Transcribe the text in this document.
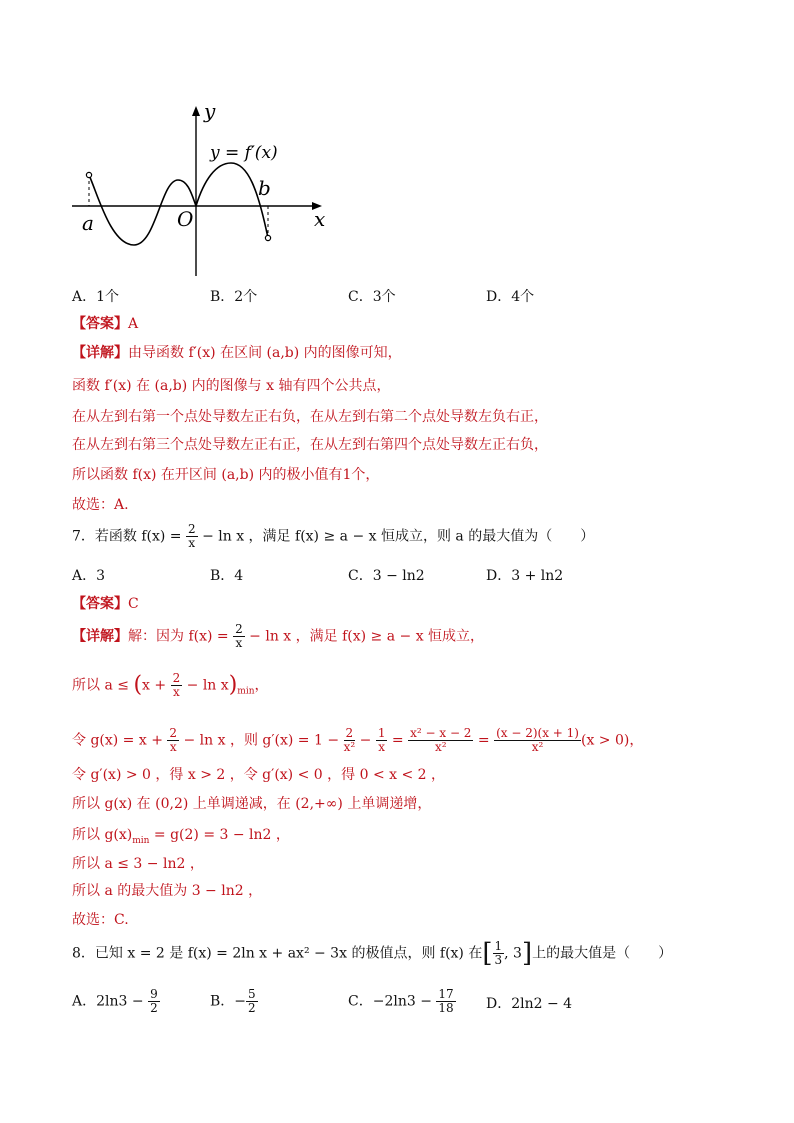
y
x
O
a
b
y = f′(x)
A．1个	B．2个	C．3个	D．4个
【答案】A
【详解】由导函数 f′(x) 在区间 (a,b) 内的图像可知，
函数 f′(x) 在 (a,b) 内的图像与 x 轴有四个公共点，
在从左到右第一个点处导数左正右负，在从左到右第二个点处导数左负右正，
在从左到右第三个点处导数左正右正，在从左到右第四个点处导数左正右负，
所以函数 f(x) 在开区间 (a,b) 内的极小值有1个，
故选：A.
7．若函数 $f(x) = \frac{2}{x} - \ln x$ ，满足 f(x) ≥ a − x 恒成立，则 a 的最大值为（　　）
A．3	B．4	C．3 − ln2	D．3 + ln2
【答案】C
【详解】解：因为 $f(x) = \frac{2}{x} - \ln x$ ，满足 f(x) ≥ a − x 恒成立，
所以 $a \le (x + \frac{2}{x} - \ln x)_{min}$，
令 $g(x) = x + \frac{2}{x} - \ln x$ ，则 $g'(x) = 1 - \frac{2}{\text{x²}} - \frac{1}{x} = \frac{\text{x² − x − 2}}{\text{x²}} = \frac{(x - 2)(x + 1)}{\text{x²}} (x > 0)$，
令 g′(x) > 0 ，得 x > 2 ，令 g′(x) < 0 ，得 0 < x < 2 ，
所以 g(x) 在 (0,2) 上单调递减，在 (2,+∞) 上单调递增，
所以 $g(x)_{min} = g(2) = 3 - \ln 2$ ，
所以 a ≤ 3 − ln2 ，
所以 a 的最大值为 3 − ln2 ，
故选：C.
8．已知 x = 2 是 f(x) = 2ln x + ax² − 3x 的极值点，则 f(x) 在[ $\frac{1}{3}$ , 3]上的最大值是（　　）
A．$2\ln 3 - \frac{9}{2}$	B．− $\frac{5}{2}$	C．$-2\ln 3 - \frac{17}{18}$ D．2ln2 − 4
